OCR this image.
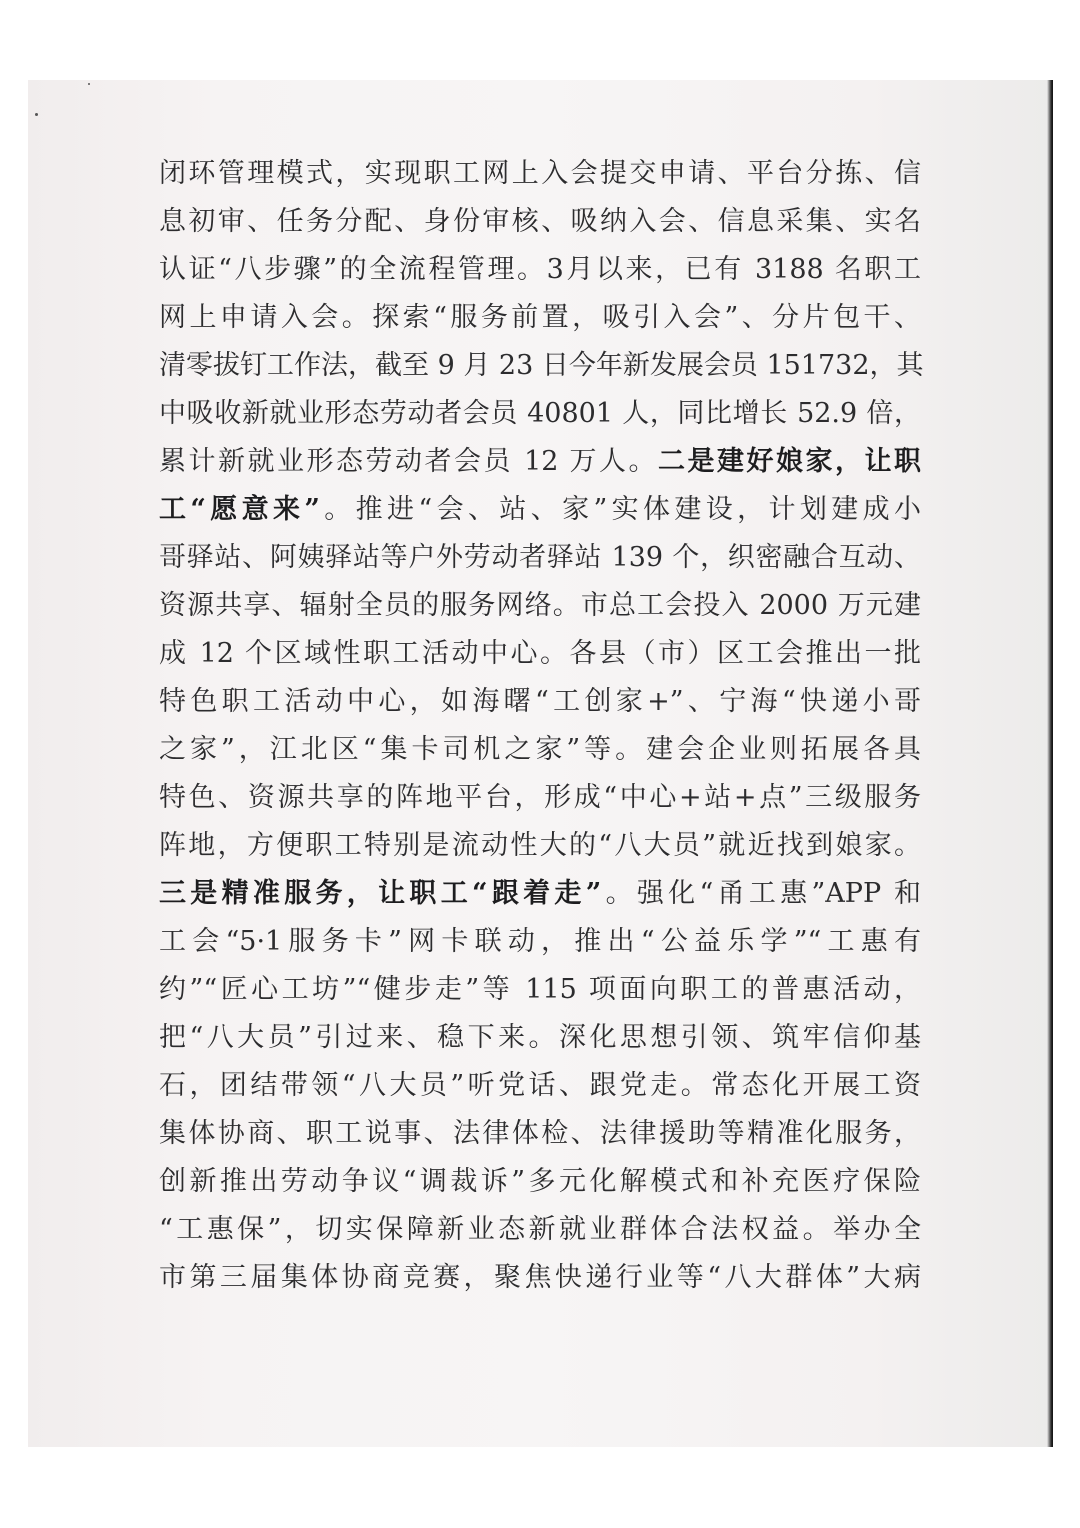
闭环管理模式，实现职工网上入会提交申请、平台分拣、信
息初审、任务分配、身份审核、吸纳入会、信息采集、实名
认证“八步骤”的全流程管理。3月以来，已有 3188 名职工
网上申请入会。探索“服务前置，吸引入会”、分片包干、
清零拔钉工作法，截至 9 月 23 日今年新发展会员 151732，其
中吸收新就业形态劳动者会员 40801 人，同比增长 52.9 倍，
累计新就业形态劳动者会员 12 万人。二是建好娘家，让职
工“愿意来”。推进“会、站、家”实体建设，计划建成小
哥驿站、阿姨驿站等户外劳动者驿站 139 个，织密融合互动、
资源共享、辐射全员的服务网络。市总工会投入 2000 万元建
成 12 个区域性职工活动中心。各县（市）区工会推出一批
特色职工活动中心，如海曙“工创家+”、宁海“快递小哥
之家”，江北区“集卡司机之家”等。建会企业则拓展各具
特色、资源共享的阵地平台，形成“中心+站+点”三级服务
阵地，方便职工特别是流动性大的“八大员”就近找到娘家。
三是精准服务，让职工“跟着走”。强化“甬工惠”APP 和
工会“5·1服务卡”网卡联动，推出“公益乐学”“工惠有
约”“匠心工坊”“健步走”等 115 项面向职工的普惠活动，
把“八大员”引过来、稳下来。深化思想引领、筑牢信仰基
石，团结带领“八大员”听党话、跟党走。常态化开展工资
集体协商、职工说事、法律体检、法律援助等精准化服务，
创新推出劳动争议“调裁诉”多元化解模式和补充医疗保险
“工惠保”，切实保障新业态新就业群体合法权益。举办全
市第三届集体协商竞赛，聚焦快递行业等“八大群体”大病
